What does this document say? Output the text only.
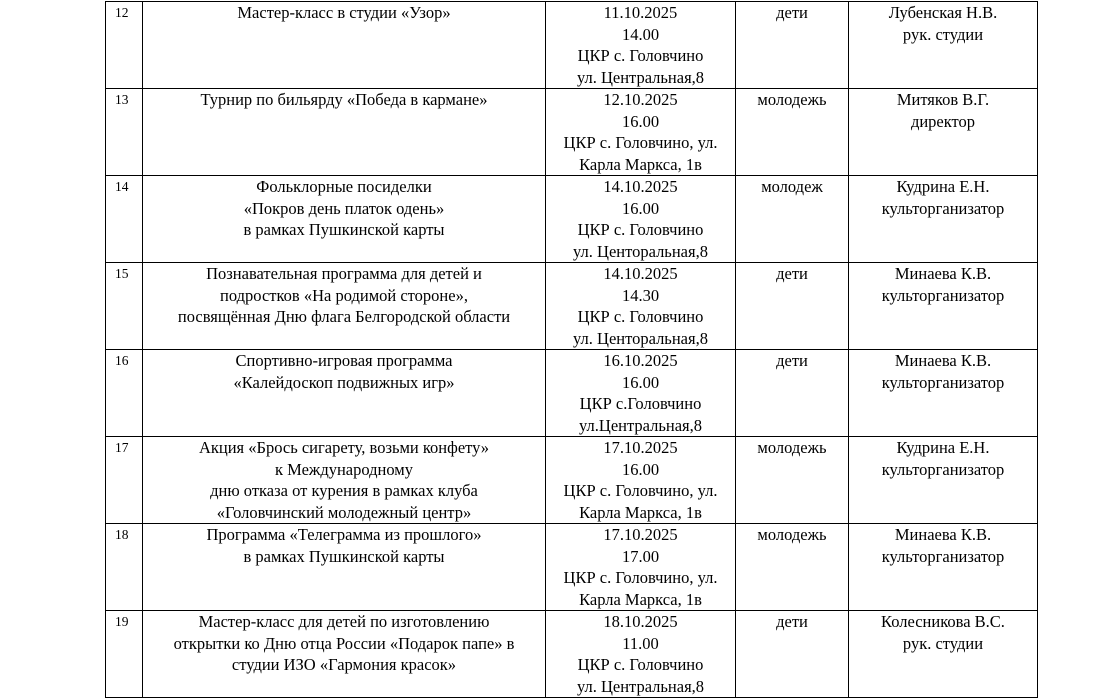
12	Мастер-класс в студии «Узор»	11.10.2025
14.00
ЦКР с. Головчино
ул. Центральная,8	дети	Лубенская Н.В.
рук. студии

13	Турнир по бильярду «Победа в кармане»	12.10.2025
16.00
ЦКР с. Головчино, ул.
Карла Маркса, 1в	молодежь	Митяков В.Г.
директор

14	Фольклорные посиделки
«Покров день платок одень»
в рамках Пушкинской карты	14.10.2025
16.00
ЦКР с. Головчино
ул. Центоральная,8	молодеж	Кудрина Е.Н.
культорганизатор

15	Познавательная программа для детей и
подростков «На родимой стороне»,
посвящённая Дню флага Белгородской области	14.10.2025
14.30
ЦКР с. Головчино
ул. Центоральная,8	дети	Минаева К.В.
культорганизатор

16	Спортивно-игровая программа
«Калейдоскоп подвижных игр»	16.10.2025
16.00
ЦКР с.Головчино
ул.Центральная,8	дети	Минаева К.В.
культорганизатор

17	Акция «Брось сигарету, возьми конфету»
к Международному
дню отказа от курения в рамках клуба
«Головчинский молодежный центр»	17.10.2025
16.00
ЦКР с. Головчино, ул.
Карла Маркса, 1в	молодежь	Кудрина Е.Н.
культорганизатор

18	Программа «Телеграмма из прошлого»
в рамках Пушкинской карты	17.10.2025
17.00
ЦКР с. Головчино, ул.
Карла Маркса, 1в	молодежь	Минаева К.В.
культорганизатор

19	Мастер-класс для детей по изготовлению
открытки ко Дню отца России «Подарок папе» в
студии ИЗО «Гармония красок»	18.10.2025
11.00
ЦКР с. Головчино
ул. Центральная,8	дети	Колесникова В.С.
рук. студии
